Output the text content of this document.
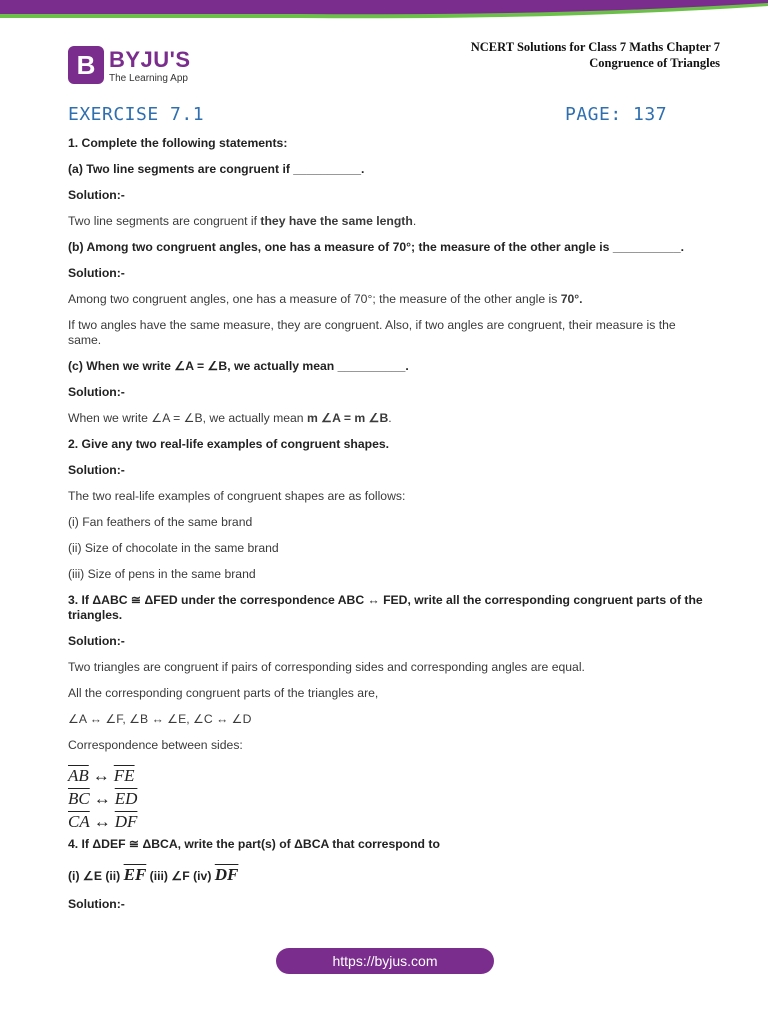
B BYJU'S
The Learning App
NCERT Solutions for Class 7 Maths Chapter 7
Congruence of Triangles
EXERCISE 7.1	PAGE: 137

1. Complete the following statements:

(a) Two line segments are congruent if __________.

Solution:-

Two line segments are congruent if they have the same length.

(b) Among two congruent angles, one has a measure of 70°; the measure of the other angle is __________.

Solution:-

Among two congruent angles, one has a measure of 70°; the measure of the other angle is 70°.

If two angles have the same measure, they are congruent. Also, if two angles are congruent, their measure is the same.

(c) When we write ∠A = ∠B, we actually mean __________.

Solution:-

When we write ∠A = ∠B, we actually mean m ∠A = m ∠B.

2. Give any two real-life examples of congruent shapes.

Solution:-

The two real-life examples of congruent shapes are as follows:

(i) Fan feathers of the same brand

(ii) Size of chocolate in the same brand

(iii) Size of pens in the same brand

3. If ΔABC ≅ ΔFED under the correspondence ABC ↔ FED, write all the corresponding congruent parts of the triangles.

Solution:-

Two triangles are congruent if pairs of corresponding sides and corresponding angles are equal.

All the corresponding congruent parts of the triangles are,

∠A ↔ ∠F, ∠B ↔ ∠E, ∠C ↔ ∠D

Correspondence between sides:

$\overline{AB}$ ↔ $\overline{FE}$
$\overline{BC}$ ↔ $\overline{ED}$
$\overline{CA}$ ↔ $\overline{DF}$

4. If ΔDEF ≅ ΔBCA, write the part(s) of ΔBCA that correspond to

(i) ∠E (ii) $\overline{EF}$ (iii) ∠F (iv) $\overline{DF}$

Solution:-

https://byjus.com
